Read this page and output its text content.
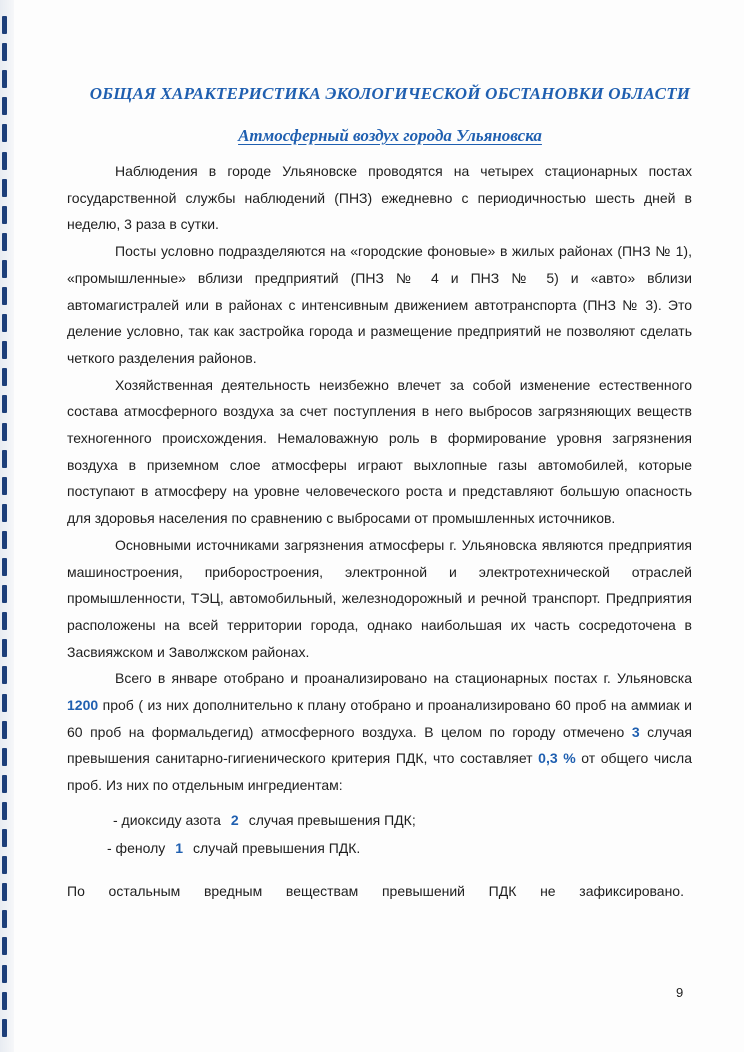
ОБЩАЯ ХАРАКТЕРИСТИКА ЭКОЛОГИЧЕСКОЙ ОБСТАНОВКИ ОБЛАСТИ
Атмосферный воздух города Ульяновска

Наблюдения в городе Ульяновске проводятся на четырех стационарных постах государственной службы наблюдений (ПНЗ) ежедневно с периодичностью шесть дней в неделю, 3 раза в сутки.

Посты условно подразделяются на «городские фоновые» в жилых районах (ПНЗ № 1), «промышленные» вблизи предприятий (ПНЗ № 4 и ПНЗ № 5) и «авто» вблизи автомагистралей или в районах с интенсивным движением автотранспорта (ПНЗ № 3). Это деление условно, так как застройка города и размещение предприятий не позволяют сделать четкого разделения районов.

Хозяйственная деятельность неизбежно влечет за собой изменение естественного состава атмосферного воздуха за счет поступления в него выбросов загрязняющих веществ техногенного происхождения. Немаловажную роль в формирование уровня загрязнения воздуха в приземном слое атмосферы играют выхлопные газы автомобилей, которые поступают в атмосферу на уровне человеческого роста и представляют большую опасность для здоровья населения по сравнению с выбросами от промышленных источников.

Основными источниками загрязнения атмосферы г. Ульяновска являются предприятия машиностроения, приборостроения, электронной и электротехнической отраслей промышленности, ТЭЦ, автомобильный, железнодорожный и речной транспорт. Предприятия расположены на всей территории города, однако наибольшая их часть сосредоточена в Засвияжском и Заволжском районах.

Всего в январе отобрано и проанализировано на стационарных постах г. Ульяновска 1200 проб ( из них дополнительно к плану отобрано и проанализировано 60 проб на аммиак и 60 проб на формальдегид) атмосферного воздуха. В целом по городу отмечено 3 случая превышения санитарно-гигиенического критерия ПДК, что составляет 0,3 % от общего числа проб. Из них по отдельным ингредиентам:

- диоксиду азота 2 случая превышения ПДК;
- фенолу 1 случай превышения ПДК.
По остальным вредным веществам превышений ПДК не зафиксировано.
9
